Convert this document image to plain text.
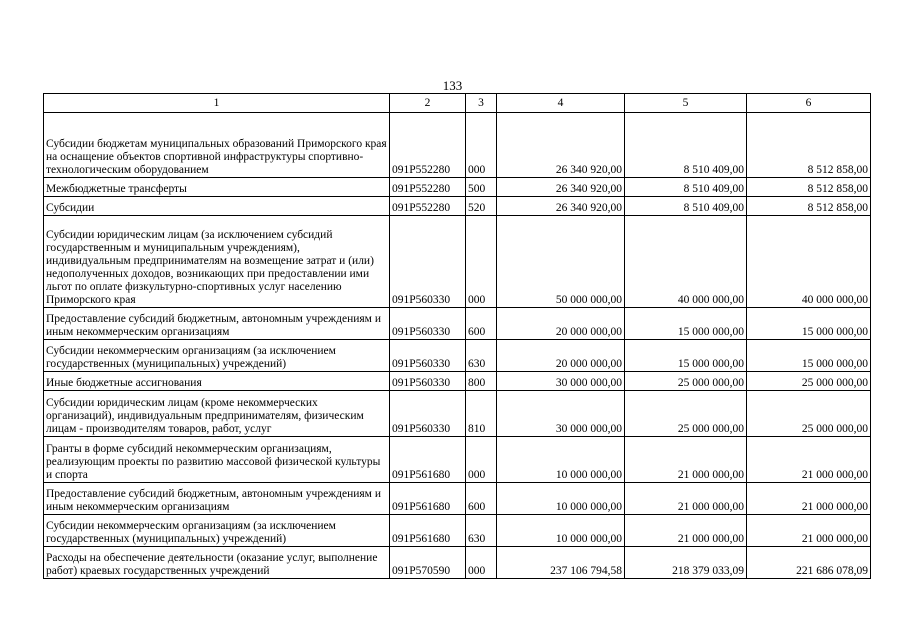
133
1	2	3	4	5	6
Субсидии бюджетам муниципальных образований Приморского края на оснащение объектов спортивной инфраструктуры спортивно-технологическим оборудованием	091P552280	000	26 340 920,00	8 510 409,00	8 512 858,00
Межбюджетные трансферты	091P552280	500	26 340 920,00	8 510 409,00	8 512 858,00
Субсидии	091P552280	520	26 340 920,00	8 510 409,00	8 512 858,00
Субсидии юридическим лицам (за исключением субсидий государственным и муниципальным учреждениям), индивидуальным предпринимателям на возмещение затрат и (или) недополученных доходов, возникающих при предоставлении ими льгот по оплате физкультурно-спортивных услуг населению Приморского края	091P560330	000	50 000 000,00	40 000 000,00	40 000 000,00
Предоставление субсидий бюджетным, автономным учреждениям и иным некоммерческим организациям	091P560330	600	20 000 000,00	15 000 000,00	15 000 000,00
Субсидии некоммерческим организациям (за исключением государственных (муниципальных) учреждений)	091P560330	630	20 000 000,00	15 000 000,00	15 000 000,00
Иные бюджетные ассигнования	091P560330	800	30 000 000,00	25 000 000,00	25 000 000,00
Субсидии юридическим лицам (кроме некоммерческих организаций), индивидуальным предпринимателям, физическим лицам - производителям товаров, работ, услуг	091P560330	810	30 000 000,00	25 000 000,00	25 000 000,00
Гранты в форме субсидий некоммерческим организациям, реализующим проекты по развитию массовой физической культуры и спорта	091P561680	000	10 000 000,00	21 000 000,00	21 000 000,00
Предоставление субсидий бюджетным, автономным учреждениям и иным некоммерческим организациям	091P561680	600	10 000 000,00	21 000 000,00	21 000 000,00
Субсидии некоммерческим организациям (за исключением государственных (муниципальных) учреждений)	091P561680	630	10 000 000,00	21 000 000,00	21 000 000,00
Расходы на обеспечение деятельности (оказание услуг, выполнение работ) краевых государственных учреждений	091P570590	000	237 106 794,58	218 379 033,09	221 686 078,09
